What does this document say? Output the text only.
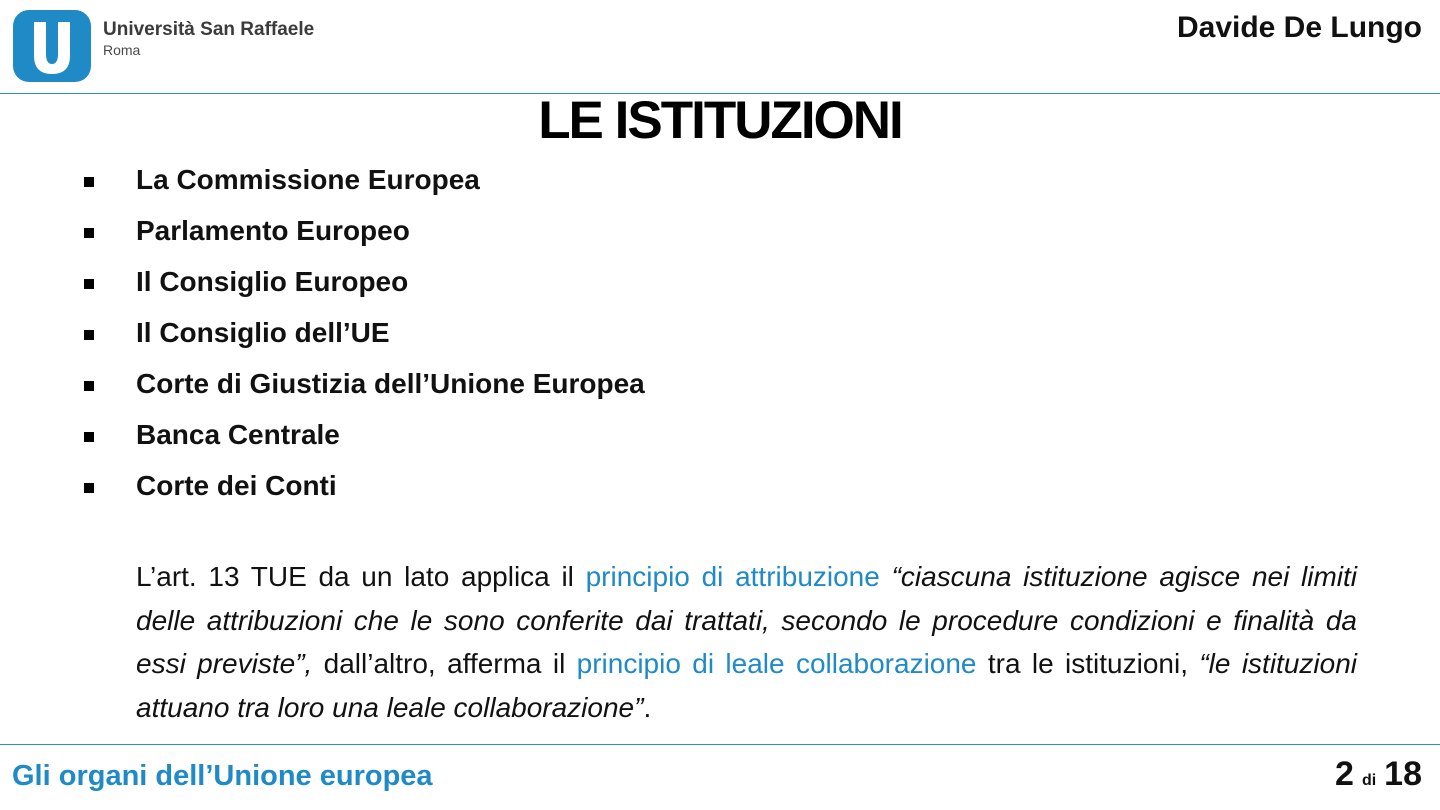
Università San Raffaele
Roma
Davide De Lungo
LE ISTITUZIONI
La Commissione Europea
Parlamento Europeo
Il Consiglio Europeo
Il Consiglio dell’UE
Corte di Giustizia dell’Unione Europea
Banca Centrale
Corte dei Conti

L’art. 13 TUE da un lato applica il principio di attribuzione “ciascuna istituzione agisce nei limiti delle attribuzioni che le sono conferite dai trattati, secondo le procedure condizioni e finalità da essi previste”, dall’altro, afferma il principio di leale collaborazione tra le istituzioni, “le istituzioni attuano tra loro una leale collaborazione”.

Gli organi dell’Unione europea	2 di 18
